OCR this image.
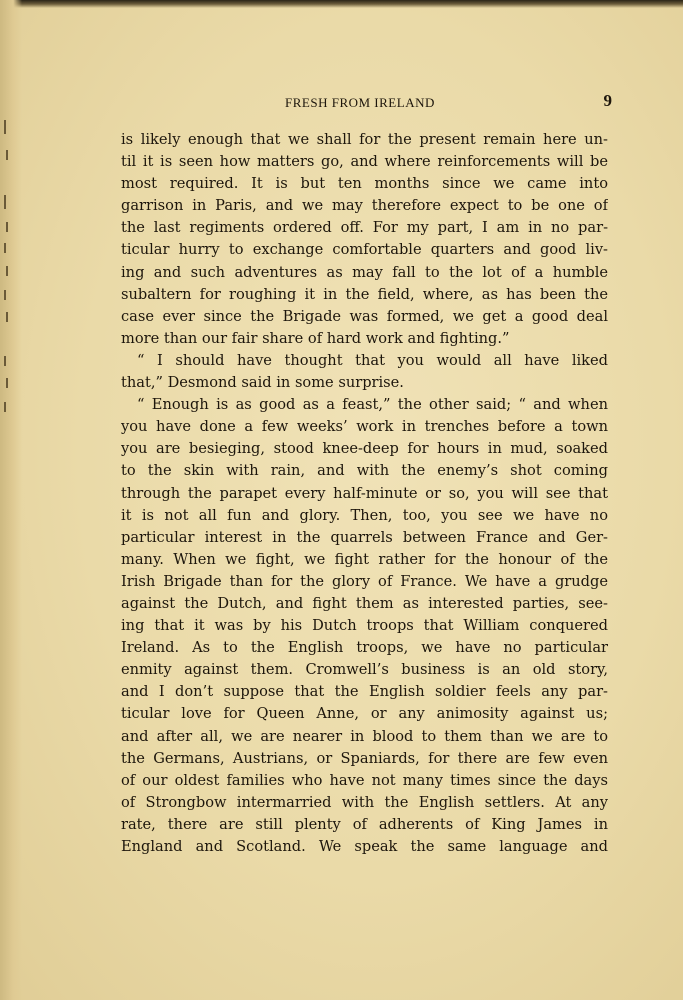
FRESH FROM IRELAND	9
is likely enough that we shall for the present remain here un-
til it is seen how matters go, and where reinforcements will be
most required. It is but ten months since we came into
garrison in Paris, and we may therefore expect to be one of
the last regiments ordered off. For my part, I am in no par-
ticular hurry to exchange comfortable quarters and good liv-
ing and such adventures as may fall to the lot of a humble
subaltern for roughing it in the field, where, as has been the
case ever since the Brigade was formed, we get a good deal
more than our fair share of hard work and fighting.”
“ I should have thought that you would all have liked
that,” Desmond said in some surprise.
“ Enough is as good as a feast,” the other said; “ and when
you have done a few weeks’ work in trenches before a town
you are besieging, stood knee-deep for hours in mud, soaked
to the skin with rain, and with the enemy’s shot coming
through the parapet every half-minute or so, you will see that
it is not all fun and glory. Then, too, you see we have no
particular interest in the quarrels between France and Ger-
many. When we fight, we fight rather for the honour of the
Irish Brigade than for the glory of France. We have a grudge
against the Dutch, and fight them as interested parties, see-
ing that it was by his Dutch troops that William conquered
Ireland. As to the English troops, we have no particular
enmity against them. Cromwell’s business is an old story,
and I don’t suppose that the English soldier feels any par-
ticular love for Queen Anne, or any animosity against us;
and after all, we are nearer in blood to them than we are to
the Germans, Austrians, or Spaniards, for there are few even
of our oldest families who have not many times since the days
of Strongbow intermarried with the English settlers. At any
rate, there are still plenty of adherents of King James in
England and Scotland. We speak the same language and
